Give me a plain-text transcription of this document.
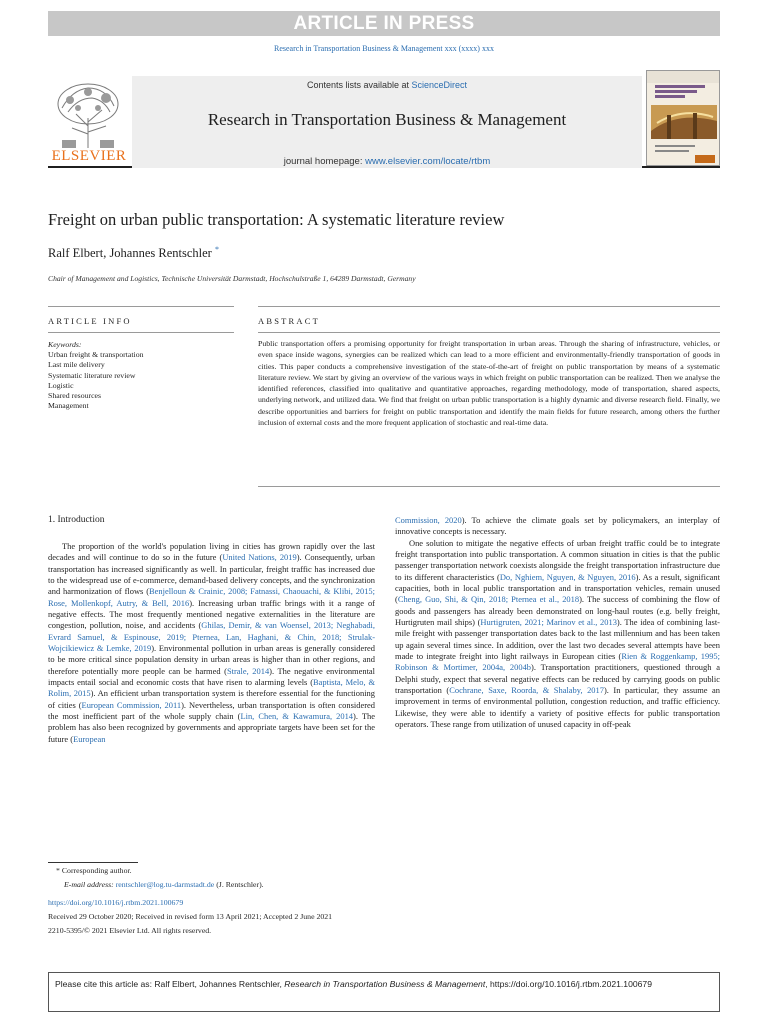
ARTICLE IN PRESS
Research in Transportation Business & Management xxx (xxxx) xxx
ELSEVIER
Contents lists available at ScienceDirect
Research in Transportation Business & Management
journal homepage: www.elsevier.com/locate/rtbm
Freight on urban public transportation: A systematic literature review
Ralf Elbert, Johannes Rentschler *
Chair of Management and Logistics, Technische Universität Darmstadt, Hochschulstraße 1, 64289 Darmstadt, Germany
ARTICLE INFO	ABSTRACT
Keywords:
Urban freight & transportation
Last mile delivery
Systematic literature review
Logistic
Shared resources
Management
Public transportation offers a promising opportunity for freight transportation in urban areas. Through the sharing of infrastructure, vehicles, or even space inside wagons, synergies can be realized which can lead to a more efficient and environmentally-friendly transportation of goods in cities. This paper conducts a comprehensive investigation of the state-of-the-art of freight on public transportation by means of a systematic literature review. We start by giving an overview of the various ways in which freight on public transportation can be realized. Then we analyse the identified references, classified into qualitative and quantitative approaches, regarding methodology, mode of transportation, shared aspects, underlying network, and utilized data. We find that freight on urban public transportation is a highly dynamic and diverse research field. Finally, we describe opportunities and barriers for freight on public transportation and identify the main fields for future research, among others the further inclusion of external costs and the more frequent application of stochastic and real-time data.
1. Introduction

The proportion of the world's population living in cities has grown rapidly over the last decades and will continue to do so in the future (United Nations, 2019). Consequently, urban transportation has increased significantly as well. In particular, freight traffic has increased due to the widespread use of e-commerce, demand-based delivery concepts, and the synchronization and harmonization of flows (Benjelloun & Crainic, 2008; Fatnassi, Chaouachi, & Klibi, 2015; Rose, Mollenkopf, Autry, & Bell, 2016). Increasing urban traffic brings with it a range of negative effects. The most frequently mentioned negative externalities in the literature are congestion, pollution, noise, and accidents (Ghilas, Demir, & van Woensel, 2013; Neghabadi, Evrard Samuel, & Espinouse, 2019; Pternea, Lan, Haghani, & Chin, 2018; Strulak-Wojcikiewicz & Lemke, 2019). Environmental pollution in urban areas is generally considered to be more critical since population density in urban areas is higher than in other regions, and therefore potentially more people can be harmed (Strale, 2014). The negative environmental impacts entail social and economic costs that have risen to alarming levels (Baptista, Melo, & Rolim, 2015). An efficient urban transportation system is therefore essential for the functioning of cities (European Commission, 2011). Nevertheless, urban transportation is often considered the most inefficient part of the whole supply chain (Lin, Chen, & Kawamura, 2014). The problem has also been recognized by governments and appropriate targets have been set for the future (European

Commission, 2020). To achieve the climate goals set by policymakers, an interplay of innovative concepts is necessary.

One solution to mitigate the negative effects of urban freight traffic could be to integrate freight transportation into public transportation. A common situation in cities is that the public passenger transportation network coexists alongside the freight transportation infrastructure due to its different characteristics (Do, Nghiem, Nguyen, & Nguyen, 2016). As a result, significant capacities, both in local public transportation and in transportation vehicles, remain unused (Cheng, Guo, Shi, & Qin, 2018; Pternea et al., 2018). The success of combining the flow of goods and passengers has already been demonstrated on long-haul routes (e.g. belly freight, Hurtigruten mail ships) (Hurtigruten, 2021; Marinov et al., 2013). The idea of combining last-mile freight with passenger transportation dates back to the last millennium and has been taken up again several times since. In addition, over the last two decades several attempts have been made to integrate freight into light railways in European cities (Rien & Roggenkamp, 1995; Robinson & Mortimer, 2004a, 2004b). Transportation practitioners, questioned through a Delphi study, expect that several negative effects can be reduced by carrying goods on public transportation (Cochrane, Saxe, Roorda, & Shalaby, 2017). In particular, they assume an improvement in terms of environmental pollution, congestion reduction, and traffic efficiency. Likewise, they were able to identify a variety of positive effects for public transportation operators. These range from utilization of unused capacity in off-peak

* Corresponding author.
E-mail address: rentschler@log.tu-darmstadt.de (J. Rentschler).
https://doi.org/10.1016/j.rtbm.2021.100679
Received 29 October 2020; Received in revised form 13 April 2021; Accepted 2 June 2021
2210-5395/© 2021 Elsevier Ltd. All rights reserved.
Please cite this article as: Ralf Elbert, Johannes Rentschler, Research in Transportation Business & Management, https://doi.org/10.1016/j.rtbm.2021.100679
